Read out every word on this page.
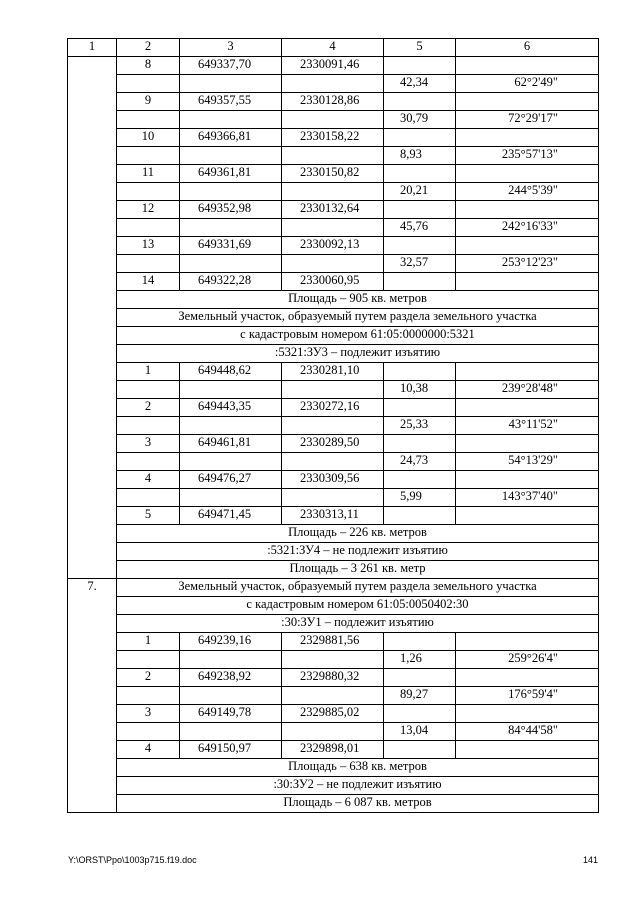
1	2	3	4	5	6
	8	649337,70	2330091,46		
				42,34	62°2'49"
	9	649357,55	2330128,86		
				30,79	72°29'17"
	10	649366,81	2330158,22		
				8,93	235°57'13"
	11	649361,81	2330150,82		
				20,21	244°5'39"
	12	649352,98	2330132,64		
				45,76	242°16'33"
	13	649331,69	2330092,13		
				32,57	253°12'23"
	14	649322,28	2330060,95		
	Площадь – 905 кв. метров				
	Земельный участок, образуемый путем раздела земельного участка				
	с кадастровым номером 61:05:0000000:5321				
	:5321:ЗУ3 – подлежит изъятию				
	1	649448,62	2330281,10		
				10,38	239°28'48"
	2	649443,35	2330272,16		
				25,33	43°11'52"
	3	649461,81	2330289,50		
				24,73	54°13'29"
	4	649476,27	2330309,56		
				5,99	143°37'40"
	5	649471,45	2330313,11		
	Площадь – 226 кв. метров				
	:5321:ЗУ4 – не подлежит изъятию				
	Площадь – 3 261 кв. метр				
7.	Земельный участок, образуемый путем раздела земельного участка				
	с кадастровым номером 61:05:0050402:30				
	:30:ЗУ1 – подлежит изъятию				
	1	649239,16	2329881,56		
				1,26	259°26'4"
	2	649238,92	2329880,32		
				89,27	176°59'4"
	3	649149,78	2329885,02		
				13,04	84°44'58"
	4	649150,97	2329898,01		
	Площадь – 638 кв. метров				
	:30:ЗУ2 – не подлежит изъятию				
	Площадь – 6 087 кв. метров				
Y:\ORST\Ppo\1003p715.f19.doc	141
